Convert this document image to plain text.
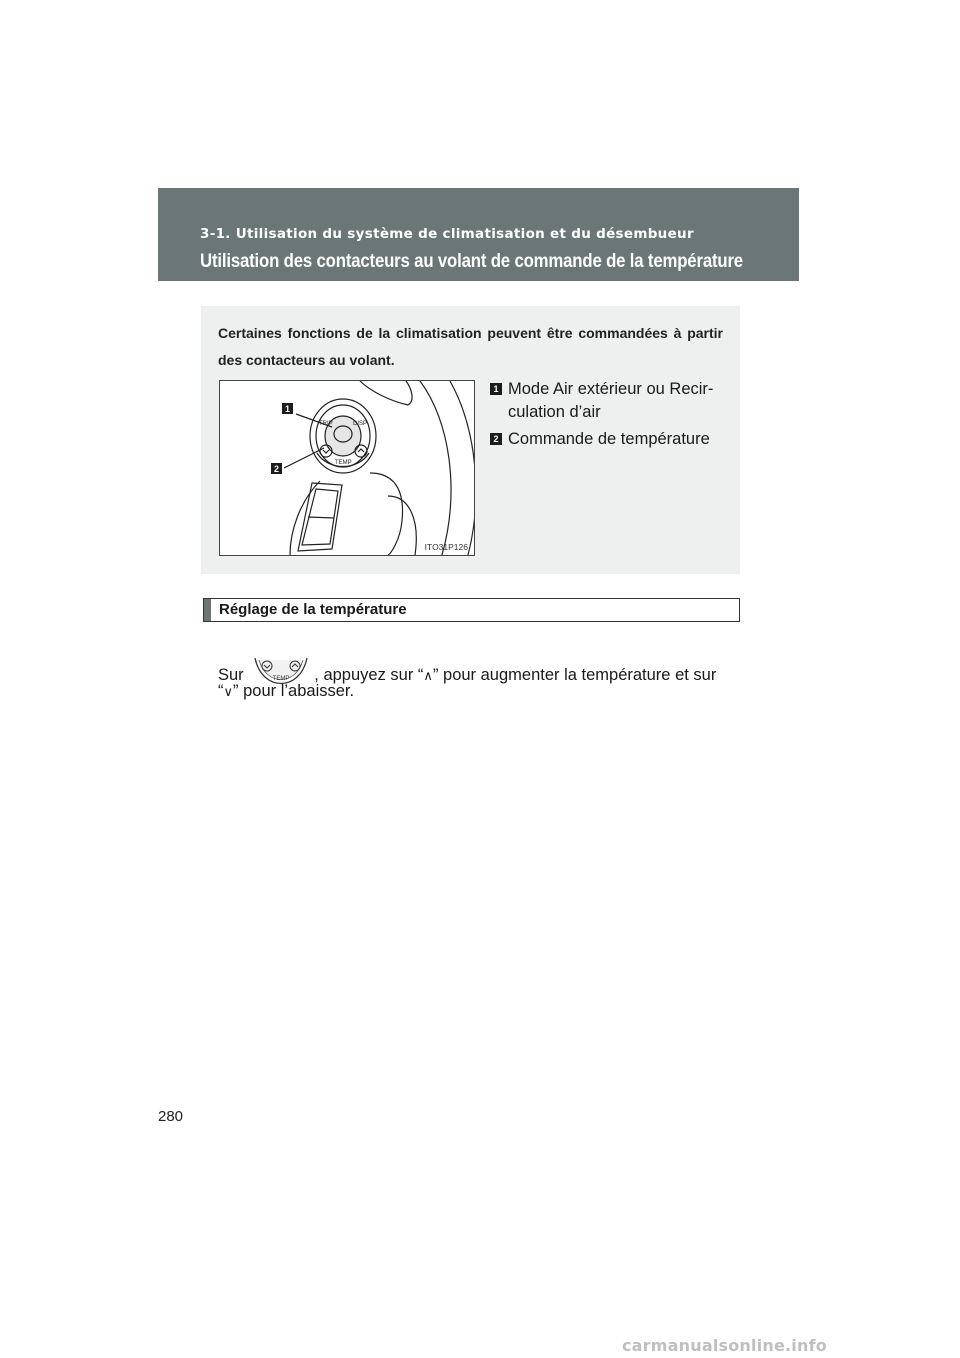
3-1. Utilisation du système de climatisation et du désembueur
Utilisation des contacteurs au volant de commande de la température
Certaines fonctions de la climatisation peuvent être commandées à partir des contacteurs au volant.
TRIP	DISP
TEMP
1
2
ITO31P126
1 Mode Air extérieur ou Recir-culation d’air
2 Commande de température
Réglage de la température
Sur	TEMP , appuyez sur “∧” pour augmenter la température et sur
“∨” pour l’abaisser.
280
carmanualsonline.info
